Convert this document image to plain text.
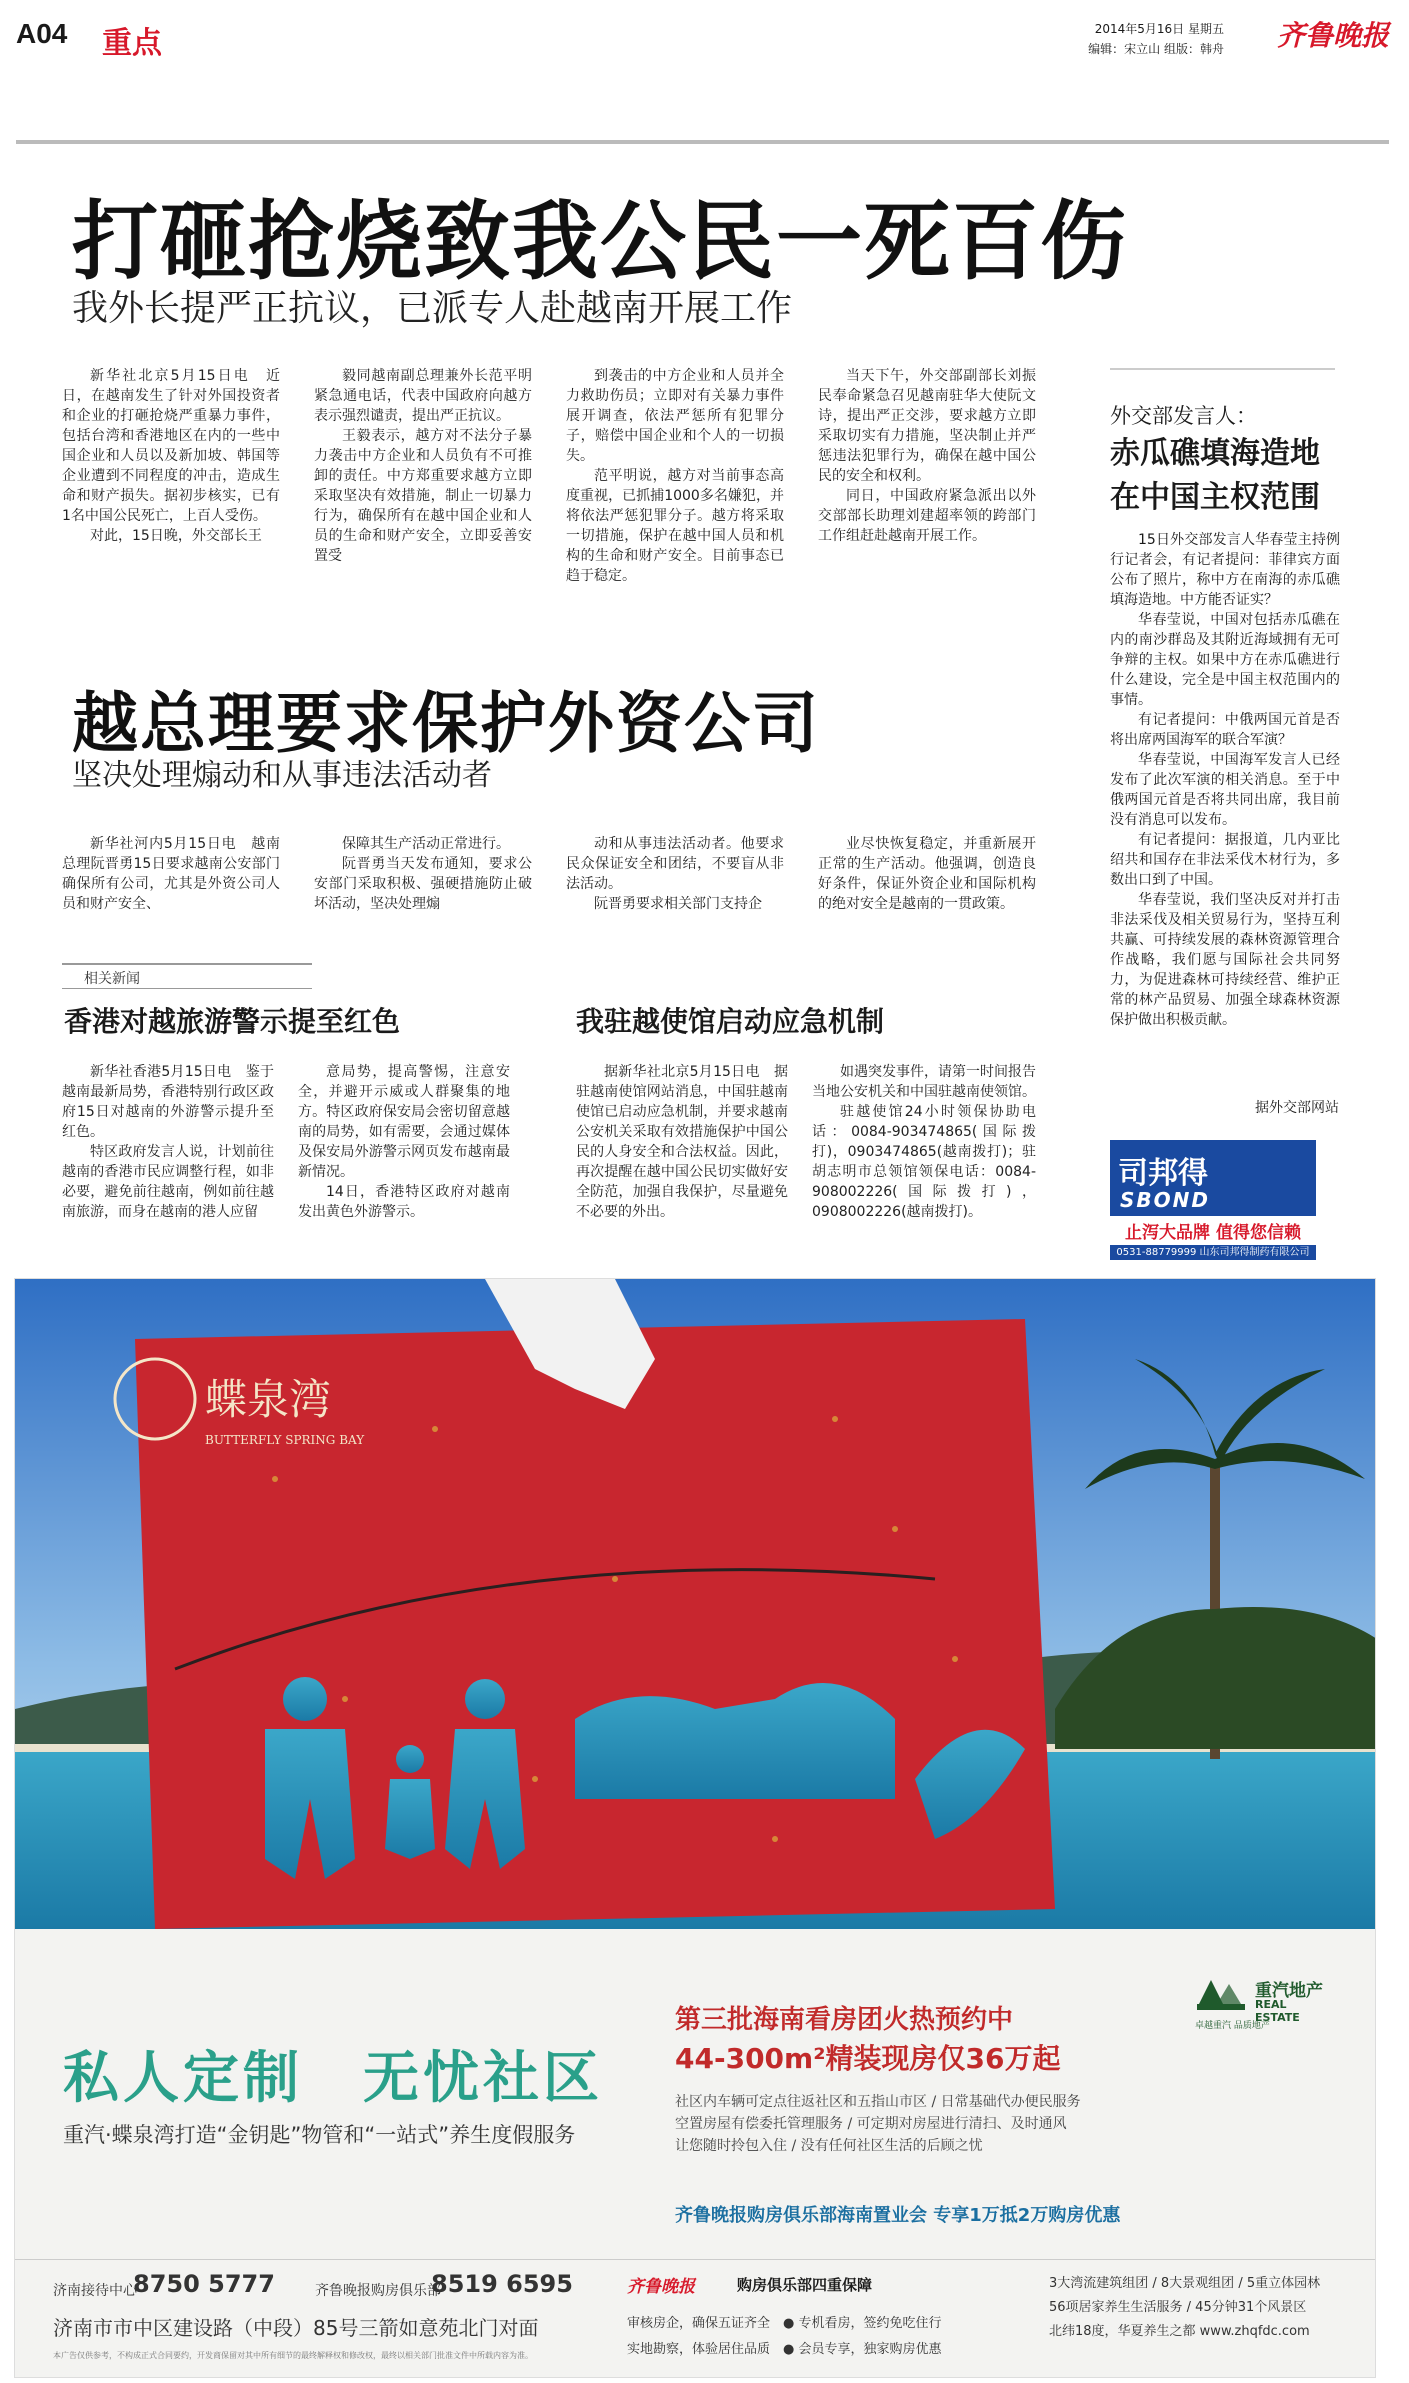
A04 重点	2014年5月16日 星期五
编辑：宋立山 组版：韩舟 齐鲁晚报
打砸抢烧致我公民一死百伤
我外长提严正抗议，已派专人赴越南开展工作

新华社北京5月15日电　近日，在越南发生了针对外国投资者和企业的打砸抢烧严重暴力事件，包括台湾和香港地区在内的一些中国企业和人员以及新加坡、韩国等企业遭到不同程度的冲击，造成生命和财产损失。据初步核实，已有1名中国公民死亡，上百人受伤。

对此，15日晚，外交部长王

毅同越南副总理兼外长范平明紧急通电话，代表中国政府向越方表示强烈谴责，提出严正抗议。

王毅表示，越方对不法分子暴力袭击中方企业和人员负有不可推卸的责任。中方郑重要求越方立即采取坚决有效措施，制止一切暴力行为，确保所有在越中国企业和人员的生命和财产安全，立即妥善安置受

到袭击的中方企业和人员并全力救助伤员；立即对有关暴力事件展开调查，依法严惩所有犯罪分子，赔偿中国企业和个人的一切损失。

范平明说，越方对当前事态高度重视，已抓捕1000多名嫌犯，并将依法严惩犯罪分子。越方将采取一切措施，保护在越中国人员和机构的生命和财产安全。目前事态已趋于稳定。

当天下午，外交部副部长刘振民奉命紧急召见越南驻华大使阮文诗，提出严正交涉，要求越方立即采取切实有力措施，坚决制止并严惩违法犯罪行为，确保在越中国公民的安全和权利。

同日，中国政府紧急派出以外交部部长助理刘建超率领的跨部门工作组赶赴越南开展工作。

越总理要求保护外资公司
坚决处理煽动和从事违法活动者

新华社河内5月15日电　越南总理阮晋勇15日要求越南公安部门确保所有公司，尤其是外资公司人员和财产安全、

保障其生产活动正常进行。

阮晋勇当天发布通知，要求公安部门采取积极、强硬措施防止破坏活动，坚决处理煽

动和从事违法活动者。他要求民众保证安全和团结，不要盲从非法活动。

阮晋勇要求相关部门支持企

业尽快恢复稳定，并重新展开正常的生产活动。他强调，创造良好条件，保证外资企业和国际机构的绝对安全是越南的一贯政策。

外交部发言人：
赤瓜礁填海造地在中国主权范围

15日外交部发言人华春莹主持例行记者会，有记者提问：菲律宾方面公布了照片，称中方在南海的赤瓜礁填海造地。中方能否证实？

华春莹说，中国对包括赤瓜礁在内的南沙群岛及其附近海域拥有无可争辩的主权。如果中方在赤瓜礁进行什么建设，完全是中国主权范围内的事情。

有记者提问：中俄两国元首是否将出席两国海军的联合军演？

华春莹说，中国海军发言人已经发布了此次军演的相关消息。至于中俄两国元首是否将共同出席，我目前没有消息可以发布。

有记者提问：据报道，几内亚比绍共和国存在非法采伐木材行为，多数出口到了中国。

华春莹说，我们坚决反对并打击非法采伐及相关贸易行为，坚持互利共赢、可持续发展的森林资源管理合作战略，我们愿与国际社会共同努力，为促进森林可持续经营、维护正常的林产品贸易、加强全球森林资源保护做出积极贡献。

据外交部网站
司邦得
SBOND
止泻大品牌 值得您信赖
0531-88779999 山东司邦得制药有限公司
相关新闻
香港对越旅游警示提至红色

新华社香港5月15日电　鉴于越南最新局势，香港特别行政区政府15日对越南的外游警示提升至红色。

特区政府发言人说，计划前往越南的香港市民应调整行程，如非必要，避免前往越南，例如前往越南旅游，而身在越南的港人应留

意局势，提高警惕，注意安全，并避开示威或人群聚集的地方。特区政府保安局会密切留意越南的局势，如有需要，会通过媒体及保安局外游警示网页发布越南最新情况。

14日，香港特区政府对越南发出黄色外游警示。

我驻越使馆启动应急机制

据新华社北京5月15日电　据驻越南使馆网站消息，中国驻越南使馆已启动应急机制，并要求越南公安机关采取有效措施保护中国公民的人身安全和合法权益。因此，再次提醒在越中国公民切实做好安全防范，加强自我保护，尽量避免不必要的外出。

如遇突发事件，请第一时间报告当地公安机关和中国驻越南使领馆。

驻越使馆24小时领保协助电话：0084-903474865(国际拨打)，0903474865(越南拨打)；驻胡志明市总领馆领保电话：0084-908002226(国际拨打)，0908002226(越南拨打)。

蝶泉湾
BUTTERFLY SPRING BAY
私人定制　无忧社区
重汽·蝶泉湾打造“金钥匙”物管和“一站式”养生度假服务
第三批海南看房团火热预约中
44-300m²精装现房仅36万起
社区内车辆可定点往返社区和五指山市区 / 日常基础代办便民服务
空置房屋有偿委托管理服务 / 可定期对房屋进行清扫、及时通风
让您随时拎包入住 / 没有任何社区生活的后顾之忧
齐鲁晚报购房俱乐部海南置业会 专享1万抵2万购房优惠
重汽地产
REAL ESTATE
卓越重汽 品质地产
济南接待中心
8750 5777	齐鲁晚报购房俱乐部
8519 6595
济南市市中区建设路（中段）85号三箭如意苑北门对面
本广告仅供参考，不构成正式合同要约，开发商保留对其中所有细节的最终解释权和修改权，最终以相关部门批准文件中所载内容为准。
齐鲁晚报	购房俱乐部四重保障
审核房企，确保五证齐全　● 专机看房，签约免吃住行
实地勘察，体验居住品质　● 会员专享，独家购房优惠
3大湾流建筑组团 / 8大景观组团 / 5重立体园林
56项居家养生生活服务 / 45分钟31个风景区
北纬18度，华夏养生之都 www.zhqfdc.com
